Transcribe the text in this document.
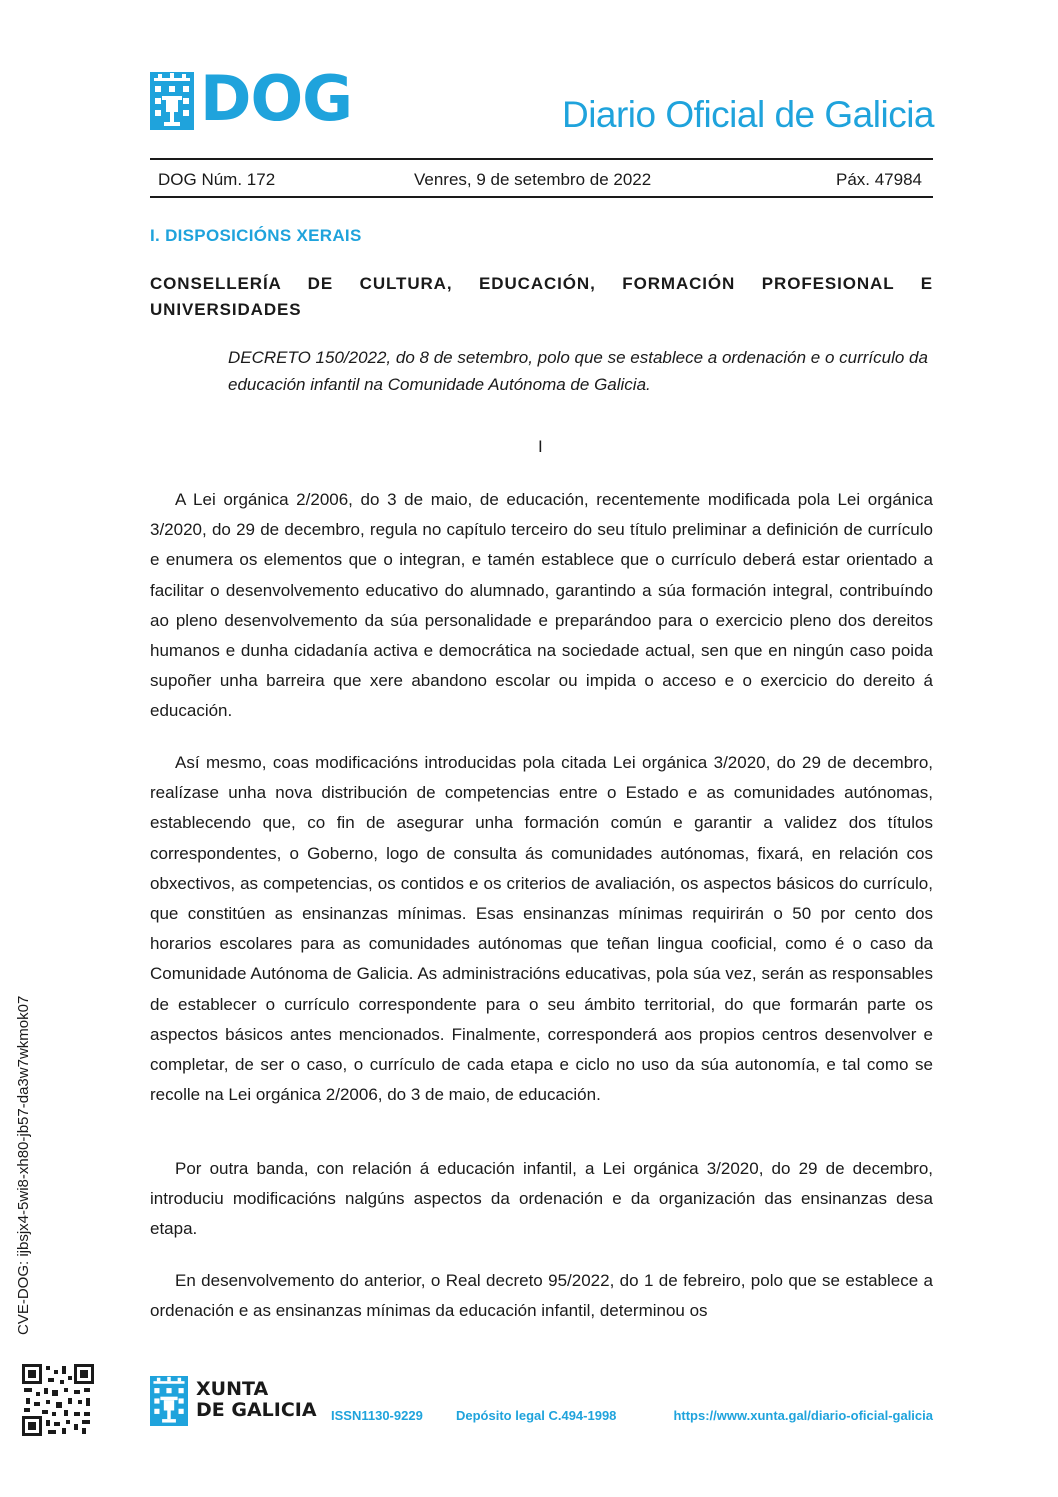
DOG	Diario Oficial de Galicia
DOG Núm. 172	Venres, 9 de setembro de 2022	Páx. 47984
I. DISPOSICIÓNS XERAIS
CONSELLERÍA DE CULTURA, EDUCACIÓN, FORMACIÓN PROFESIONAL E UNIVERSIDADES
DECRETO 150/2022, do 8 de setembro, polo que se establece a ordenación e o currículo da educación infantil na Comunidade Autónoma de Galicia.
I

A Lei orgánica 2/2006, do 3 de maio, de educación, recentemente modificada pola Lei orgánica 3/2020, do 29 de decembro, regula no capítulo terceiro do seu título preliminar a definición de currículo e enumera os elementos que o integran, e tamén establece que o currículo deberá estar orientado a facilitar o desenvolvemento educativo do alumnado, garantindo a súa formación integral, contribuíndo ao pleno desenvolvemento da súa personalidade e preparándoo para o exercicio pleno dos dereitos humanos e dunha cidadanía activa e democrática na sociedade actual, sen que en ningún caso poida supoñer unha barreira que xere abandono escolar ou impida o acceso e o exercicio do dereito á educación.

Así mesmo, coas modificacións introducidas pola citada Lei orgánica 3/2020, do 29 de decembro, realízase unha nova distribución de competencias entre o Estado e as comunidades autónomas, establecendo que, co fin de asegurar unha formación común e garantir a validez dos títulos correspondentes, o Goberno, logo de consulta ás comunidades autónomas, fixará, en relación cos obxectivos, as competencias, os contidos e os criterios de avaliación, os aspectos básicos do currículo, que constitúen as ensinanzas mínimas. Esas ensinanzas mínimas requirirán o 50 por cento dos horarios escolares para as comunidades autónomas que teñan lingua cooficial, como é o caso da Comunidade Autónoma de Galicia. As administracións educativas, pola súa vez, serán as responsables de establecer o currículo correspondente para o seu ámbito territorial, do que formarán parte os aspectos básicos antes mencionados. Finalmente, corresponderá aos propios centros desenvolver e completar, de ser o caso, o currículo de cada etapa e ciclo no uso da súa autonomía, e tal como se recolle na Lei orgánica 2/2006, do 3 de maio, de educación.

Por outra banda, con relación á educación infantil, a Lei orgánica 3/2020, do 29 de decembro, introduciu modificacións nalgúns aspectos da ordenación e da organización das ensinanzas desa etapa.

En desenvolvemento do anterior, o Real decreto 95/2022, do 1 de febreiro, polo que se establece a ordenación e as ensinanzas mínimas da educación infantil, determinou os

CVE-DOG: ijbsjx4-5wi8-xh80-jb57-da3w7wkmok07
XUNTA
DE GALICIA ISSN1130-9229	Depósito legal C.494-1998	https://www.xunta.gal/diario-oficial-galicia
